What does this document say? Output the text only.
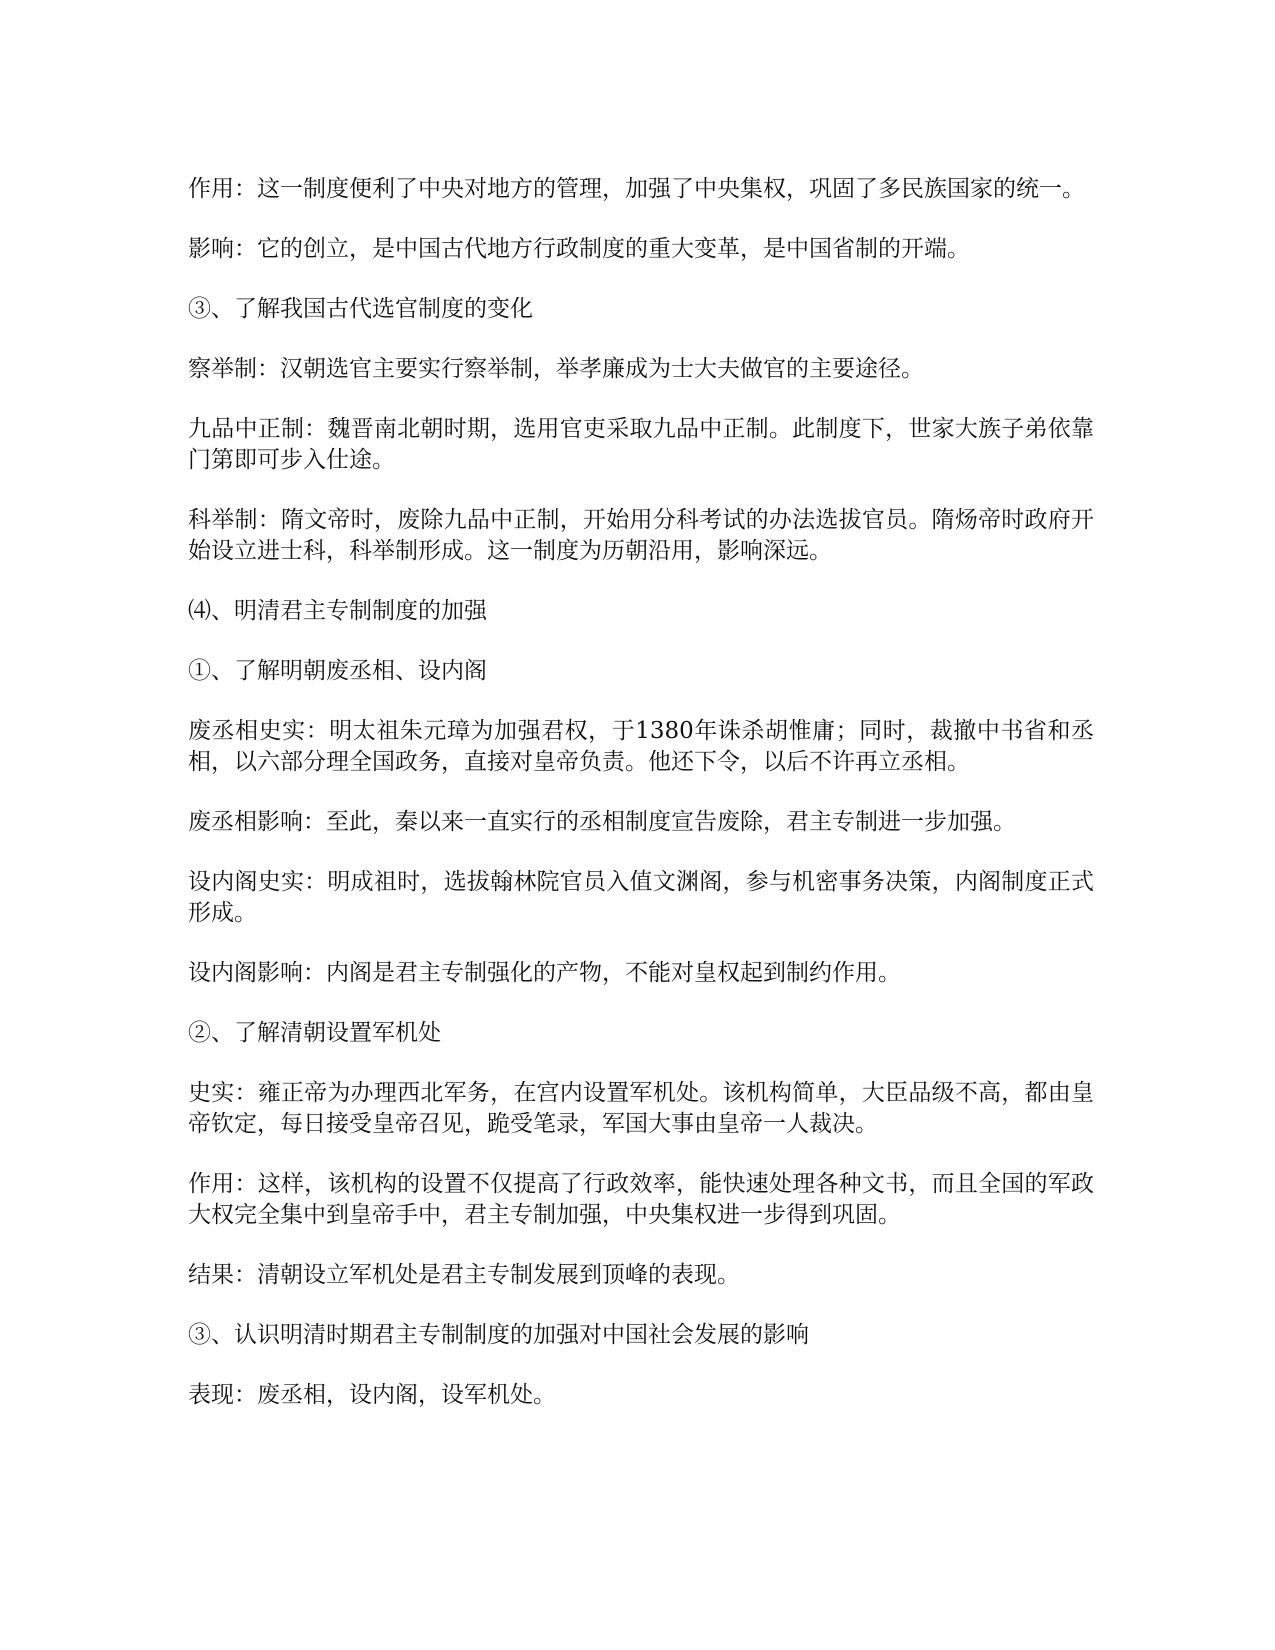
作用：这一制度便利了中央对地方的管理，加强了中央集权，巩固了多民族国家的统一。

影响：它的创立，是中国古代地方行政制度的重大变革，是中国省制的开端。

③、了解我国古代选官制度的变化

察举制：汉朝选官主要实行察举制，举孝廉成为士大夫做官的主要途径。

九品中正制：魏晋南北朝时期，选用官吏采取九品中正制。此制度下，世家大族子弟依靠门第即可步入仕途。

科举制：隋文帝时，废除九品中正制，开始用分科考试的办法选拔官员。隋炀帝时政府开始设立进士科，科举制形成。这一制度为历朝沿用，影响深远。

⑷、明清君主专制制度的加强

①、了解明朝废丞相、设内阁

废丞相史实：明太祖朱元璋为加强君权，于1380年诛杀胡惟庸；同时，裁撤中书省和丞相，以六部分理全国政务，直接对皇帝负责。他还下令，以后不许再立丞相。

废丞相影响：至此，秦以来一直实行的丞相制度宣告废除，君主专制进一步加强。

设内阁史实：明成祖时，选拔翰林院官员入值文渊阁，参与机密事务决策，内阁制度正式形成。

设内阁影响：内阁是君主专制强化的产物，不能对皇权起到制约作用。

②、了解清朝设置军机处

史实：雍正帝为办理西北军务，在宫内设置军机处。该机构简单，大臣品级不高，都由皇帝钦定，每日接受皇帝召见，跪受笔录，军国大事由皇帝一人裁决。

作用：这样，该机构的设置不仅提高了行政效率，能快速处理各种文书，而且全国的军政大权完全集中到皇帝手中，君主专制加强，中央集权进一步得到巩固。

结果：清朝设立军机处是君主专制发展到顶峰的表现。

③、认识明清时期君主专制制度的加强对中国社会发展的影响

表现：废丞相，设内阁，设军机处。
